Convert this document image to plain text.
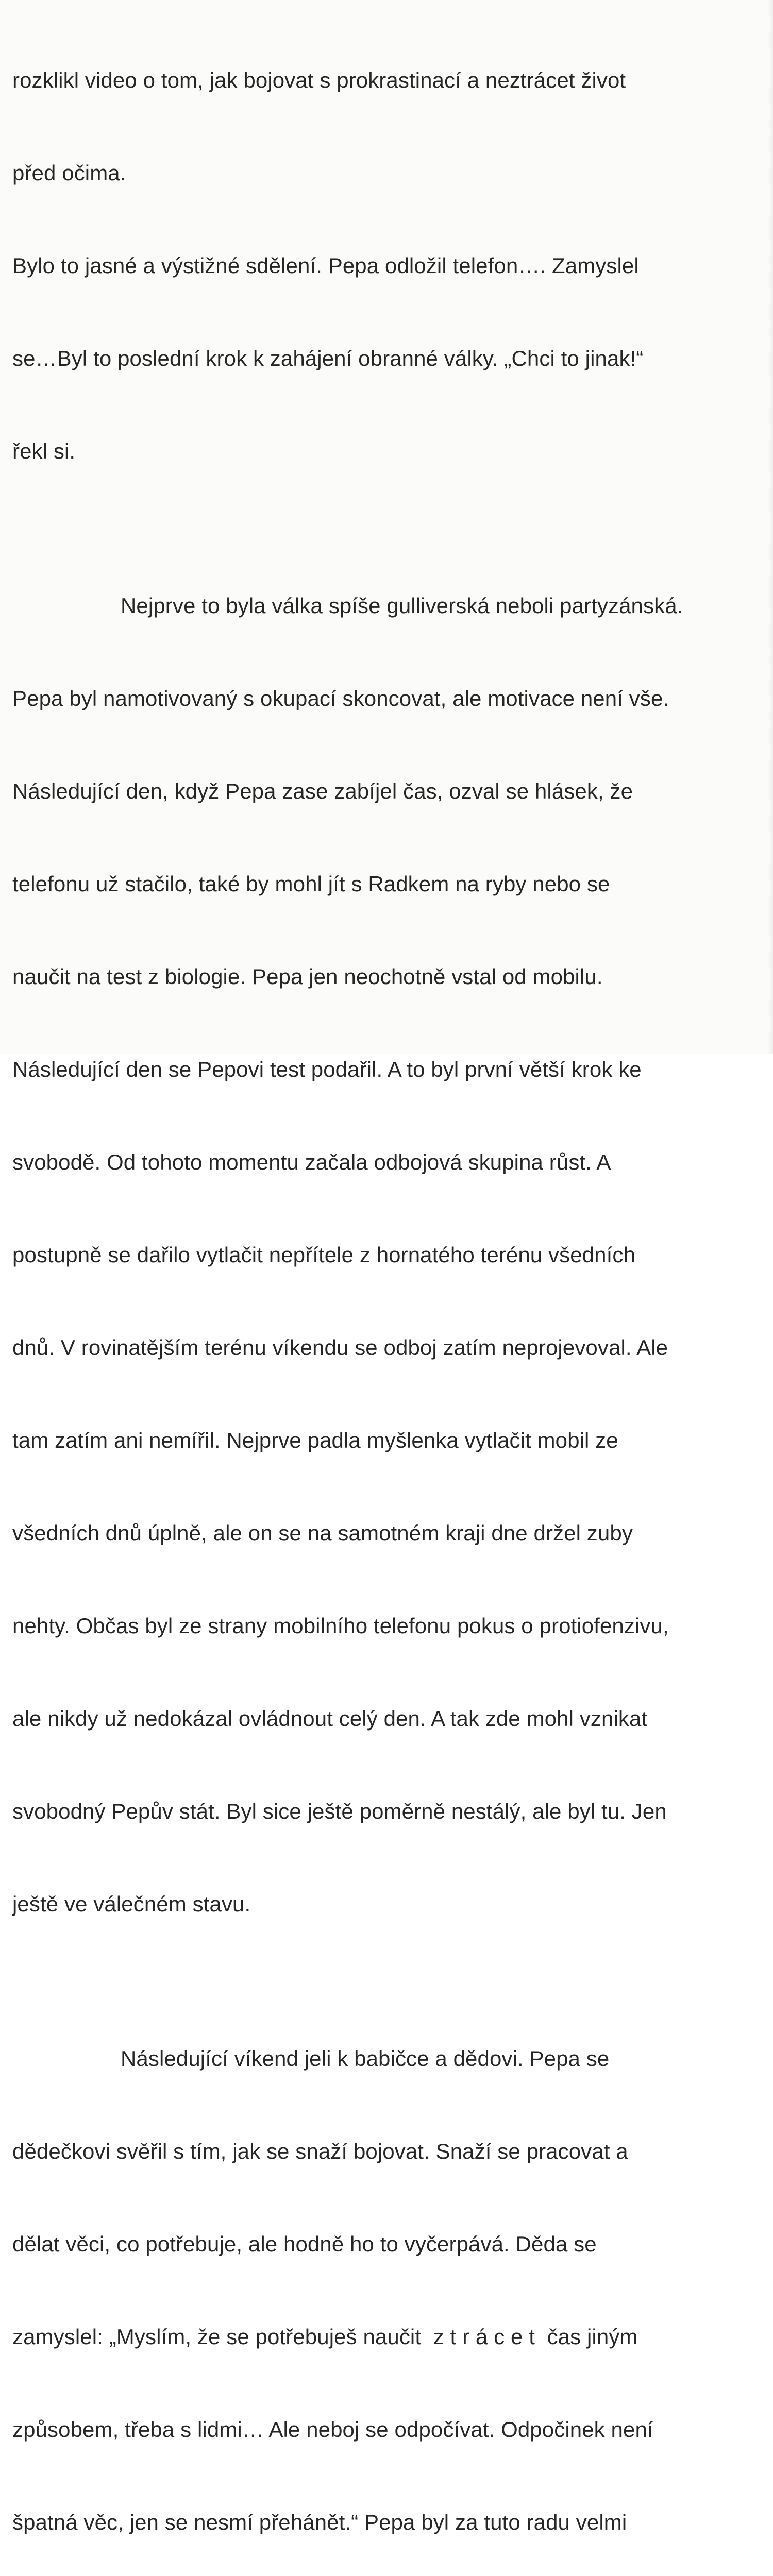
rozklikl​ video o tom, jak bojovat s prokrastinací a neztrácet život

před očima.

Bylo to jasné a výstižné sdělení. Pepa odložil telefon…. Zamyslel

se…Byl to poslední krok k zahájení obranné války. „Chci to jinak!“

řekl si.

Nejprve to byla válka spíše gulliverská neboli partyzánská.

Pepa byl namotivovaný s okupací skoncovat, ale motivace není vše.

Následující den, když Pepa zase zabíjel čas, ozval se hlásek, že

telefonu už stačilo, také by mohl jít s Radkem na ryby nebo se

naučit na test z biologie. Pepa jen neochotně vstal od mobilu.

Následující den se Pepovi test podařil. A to byl první větší krok ke

svobodě. Od tohoto momentu začala odbojová skupina růst. A

postupně se dařilo vytlačit nepřítele z hornatého terénu všedních

dnů. V rovinatějším terénu víkendu se odboj zatím neprojevoval. Ale

tam zatím ani nemířil. Nejprve padla myšlenka vytlačit mobil ze

všedních dnů úplně, ale on se na samotném kraji dne držel zuby

nehty. Občas byl ze strany mobilního telefonu pokus o protiofenzivu,

ale nikdy už nedokázal ovládnout celý den. A tak zde mohl vznikat

svobodný Pepův stát. Byl sice ještě poměrně nestálý, ale byl tu. Jen

ještě ve válečném stavu.

Následující víkend jeli k babičce a dědovi. Pepa se

dědečkovi svěřil s tím, jak se snaží bojovat. Snaží se pracovat a

dělat věci, co potřebuje, ale hodně ho to vyčerpává. Děda se

zamyslel: „Myslím, že se potřebuješ naučit  z t r á c e t  čas jiným

způsobem, třeba s lidmi… Ale neboj se odpočívat. Odpočinek není

špatná věc, jen se nesmí přehánět.“ Pepa byl za tuto radu velmi
